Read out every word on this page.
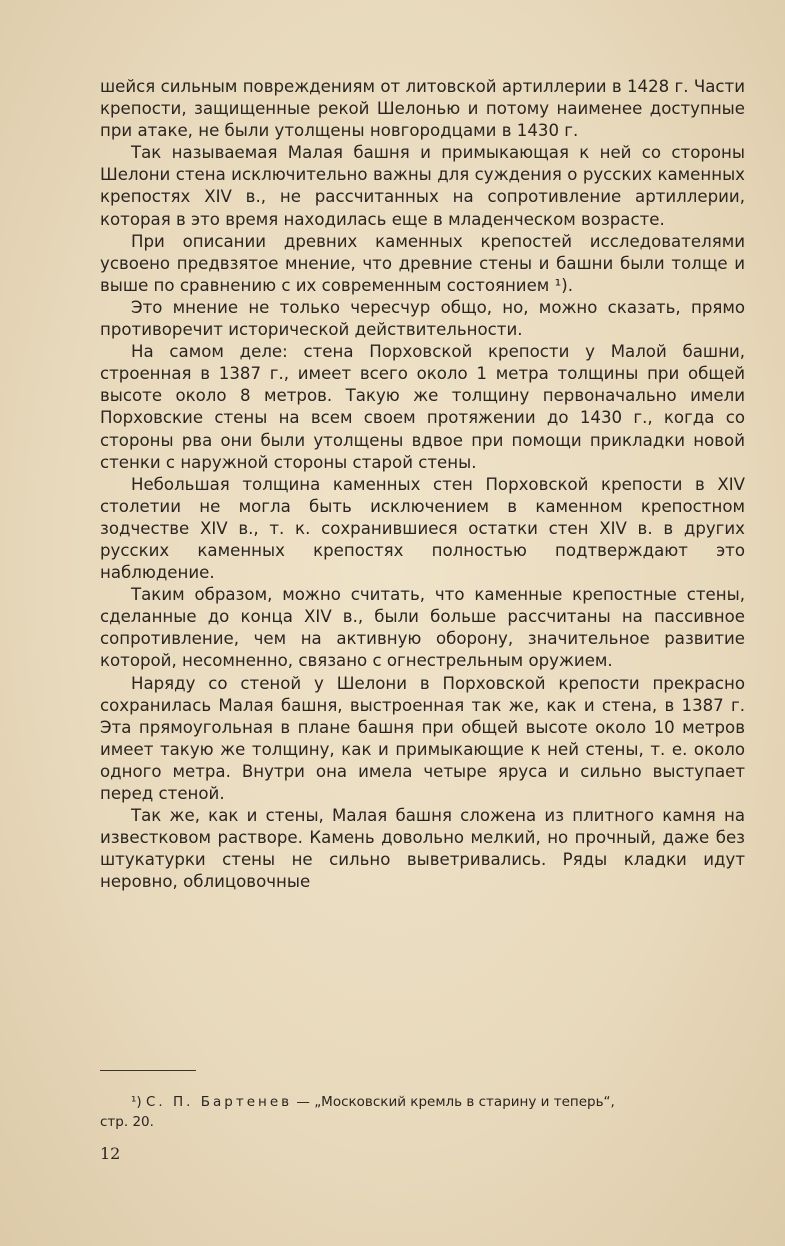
шейся сильным повреждениям от литовской артиллерии в 1428 г. Части крепости, защищенные рекой Шелонью и потому наименее доступные при атаке, не были утолщены новгородцами в 1430 г.

Так называемая Малая башня и примыкающая к ней со стороны Шелони стена исключительно важны для суждения о русских каменных крепостях XIV в., не рассчитанных на сопротивление артиллерии, которая в это время находилась еще в младенческом возрасте.

При описании древних каменных крепостей исследователями усвоено предвзятое мнение, что древние стены и башни были толще и выше по сравнению с их современным состоянием ¹).

Это мнение не только чересчур общо, но, можно сказать, прямо противоречит исторической действительности.

На самом деле: стена Порховской крепости у Малой башни, строенная в 1387 г., имеет всего около 1 метра толщины при общей высоте около 8 метров. Такую же толщину первоначально имели Порховские стены на всем своем протяжении до 1430 г., когда со стороны рва они были утолщены вдвое при помощи прикладки новой стенки с наружной стороны старой стены.

Небольшая толщина каменных стен Порховской крепости в XIV столетии не могла быть исключением в каменном крепостном зодчестве XIV в., т. к. сохранившиеся остатки стен XIV в. в других русских каменных крепостях полностью подтверждают это наблюдение.

Таким образом, можно считать, что каменные крепостные стены, сделанные до конца XIV в., были больше рассчитаны на пассивное сопротивление, чем на активную оборону, значительное развитие которой, несомненно, связано с огнестрельным оружием.

Наряду со стеной у Шелони в Порховской крепости прекрасно сохранилась Малая башня, выстроенная так же, как и стена, в 1387 г. Эта прямоугольная в плане башня при общей высоте около 10 метров имеет такую же толщину, как и примыкающие к ней стены, т. е. около одного метра. Внутри она имела четыре яруса и сильно выступает перед стеной.

Так же, как и стены, Малая башня сложена из плитного камня на известковом растворе. Камень довольно мелкий, но прочный, даже без штукатурки стены не сильно выветривались. Ряды кладки идут неровно, облицовочные

¹) С. П. Бартенев — „Московский кремль в старину и теперь“,
стр. 20.
12
